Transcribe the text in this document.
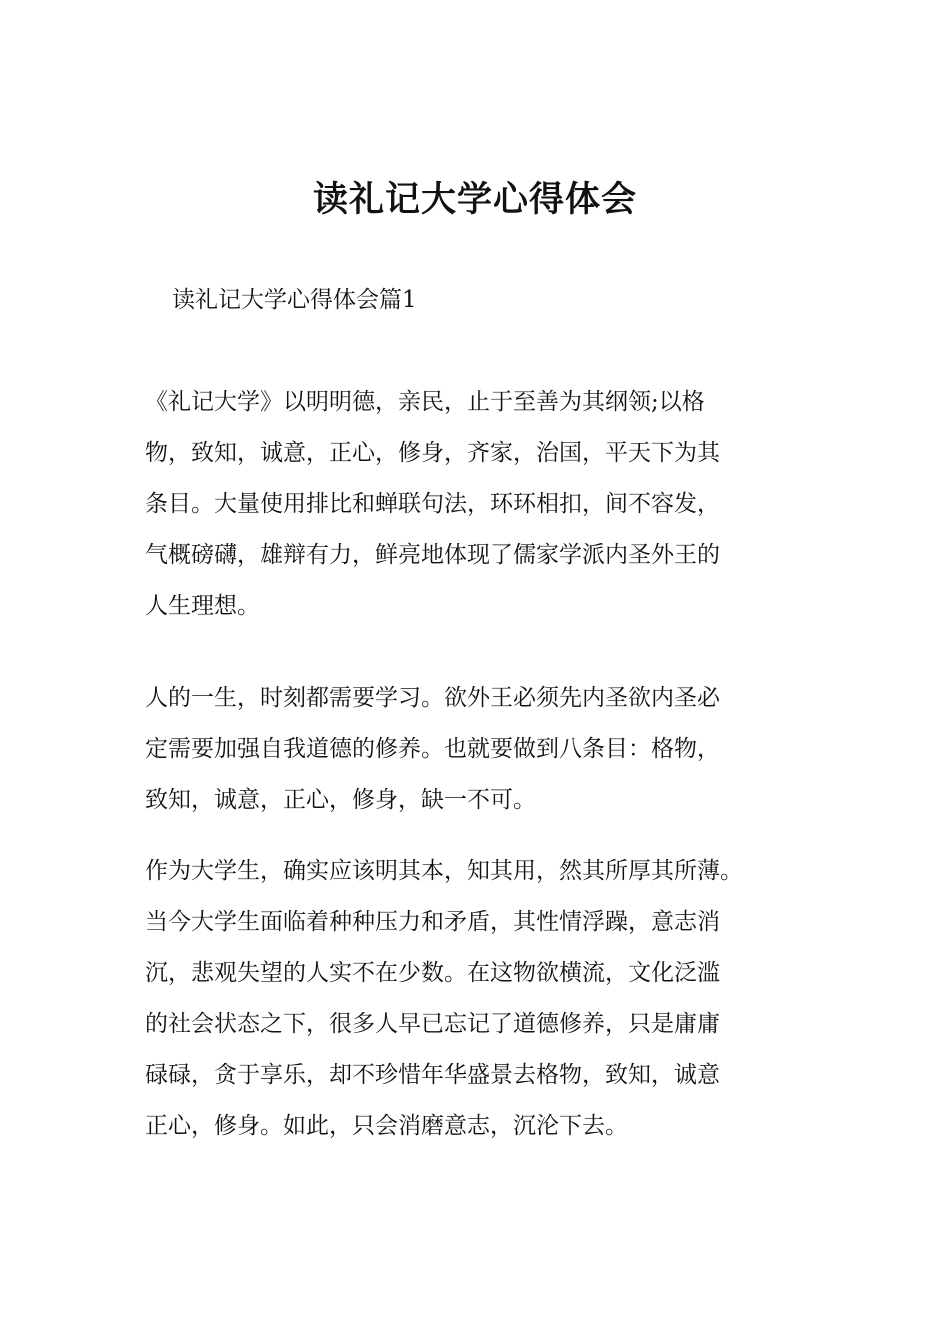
读礼记大学心得体会

读礼记大学心得体会篇1

《礼记大学》以明明德，亲民，止于至善为其纲领;以格
物，致知，诚意，正心，修身，齐家，治国，平天下为其
条目。大量使用排比和蝉联句法，环环相扣，间不容发，
气概磅礴，雄辩有力，鲜亮地体现了儒家学派内圣外王的
人生理想。

人的一生，时刻都需要学习。欲外王必须先内圣欲内圣必
定需要加强自我道德的修养。也就要做到八条目：格物，
致知，诚意，正心，修身，缺一不可。

作为大学生，确实应该明其本，知其用，然其所厚其所薄。
当今大学生面临着种种压力和矛盾，其性情浮躁，意志消
沉，悲观失望的人实不在少数。在这物欲横流，文化泛滥
的社会状态之下，很多人早已忘记了道德修养，只是庸庸
碌碌，贪于享乐，却不珍惜年华盛景去格物，致知，诚意
正心，修身。如此，只会消磨意志，沉沦下去。
